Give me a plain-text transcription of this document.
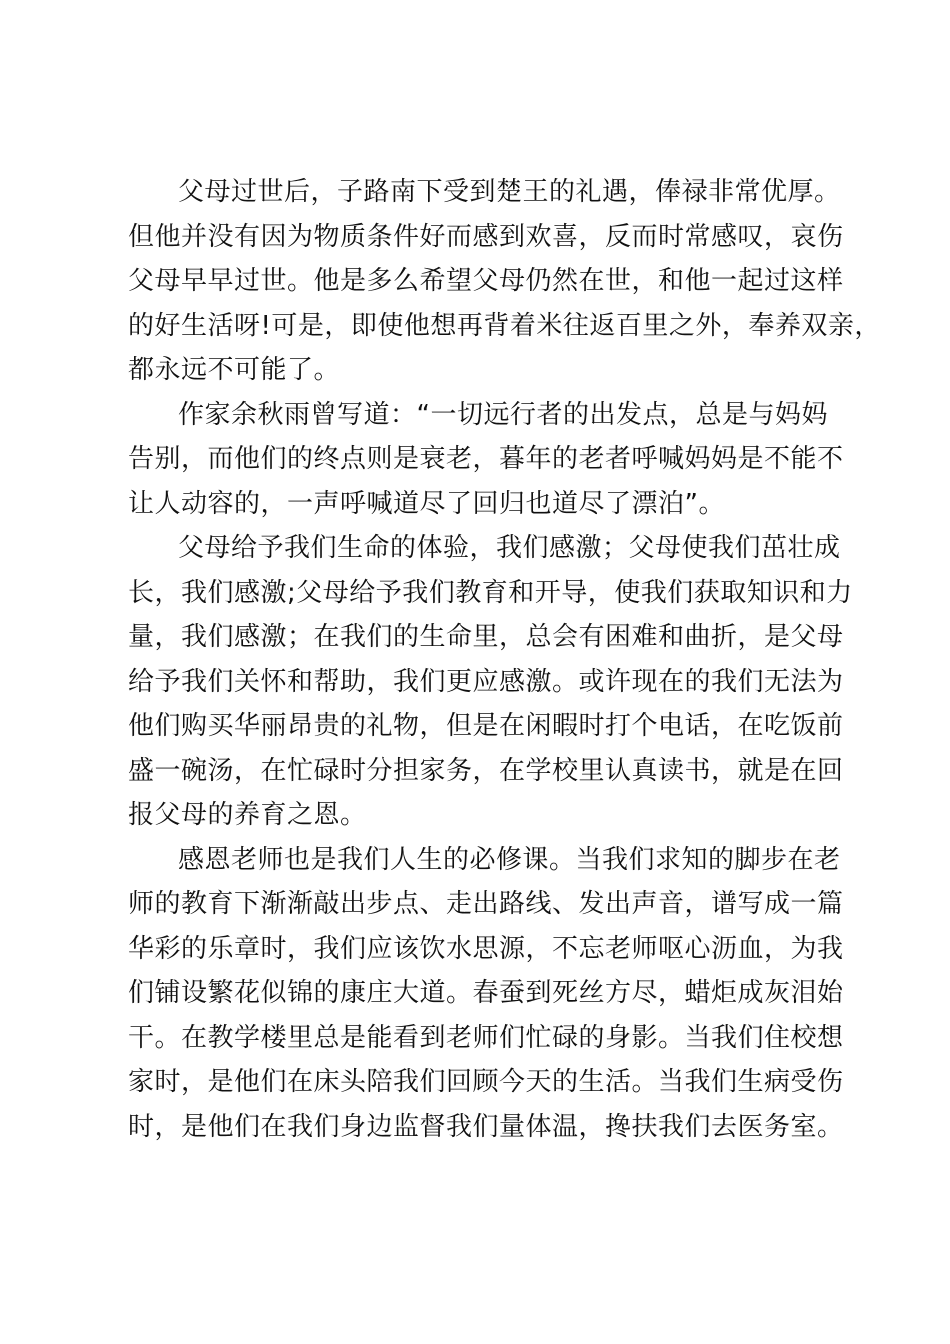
父母过世后，子路南下受到楚王的礼遇，俸禄非常优厚。
但他并没有因为物质条件好而感到欢喜，反而时常感叹，哀伤
父母早早过世。他是多么希望父母仍然在世，和他一起过这样
的好生活呀!可是，即使他想再背着米往返百里之外，奉养双亲，
都永远不可能了。
作家余秋雨曾写道：“一切远行者的出发点，总是与妈妈
告别，而他们的终点则是衰老，暮年的老者呼喊妈妈是不能不
让人动容的，一声呼喊道尽了回归也道尽了漂泊”。
父母给予我们生命的体验，我们感激；父母使我们茁壮成
长，我们感激;父母给予我们教育和开导，使我们获取知识和力
量，我们感激；在我们的生命里，总会有困难和曲折，是父母
给予我们关怀和帮助，我们更应感激。或许现在的我们无法为
他们购买华丽昂贵的礼物，但是在闲暇时打个电话，在吃饭前
盛一碗汤，在忙碌时分担家务，在学校里认真读书，就是在回
报父母的养育之恩。
感恩老师也是我们人生的必修课。当我们求知的脚步在老
师的教育下渐渐敲出步点、走出路线、发出声音，谱写成一篇
华彩的乐章时，我们应该饮水思源，不忘老师呕心沥血，为我
们铺设繁花似锦的康庄大道。春蚕到死丝方尽，蜡炬成灰泪始
干。在教学楼里总是能看到老师们忙碌的身影。当我们住校想
家时，是他们在床头陪我们回顾今天的生活。当我们生病受伤
时，是他们在我们身边监督我们量体温，搀扶我们去医务室。
